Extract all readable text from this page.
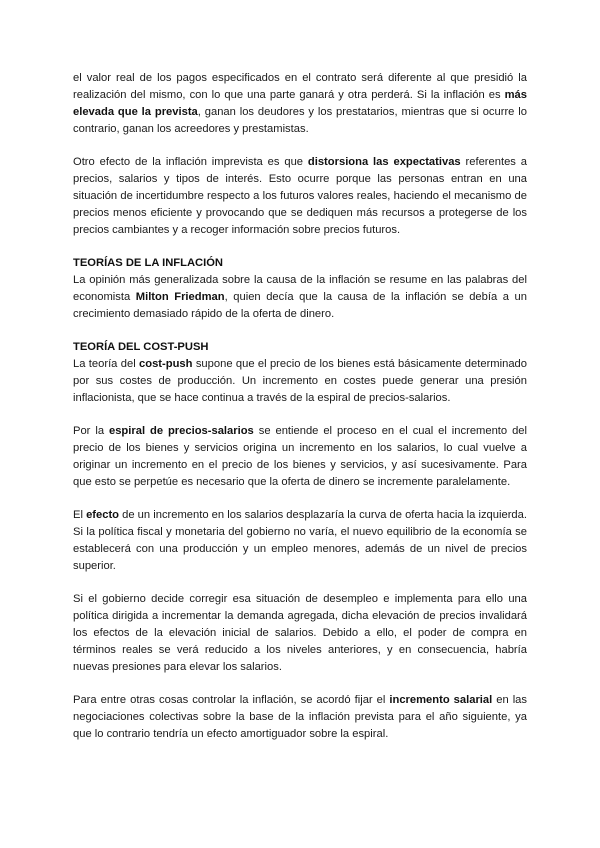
el valor real de los pagos especificados en el contrato será diferente al que presidió la realización del mismo, con lo que una parte ganará y otra perderá. Si la inflación es más elevada que la prevista, ganan los deudores y los prestatarios, mientras que si ocurre lo contrario, ganan los acreedores y prestamistas.

Otro efecto de la inflación imprevista es que distorsiona las expectativas referentes a precios, salarios y tipos de interés. Esto ocurre porque las personas entran en una situación de incertidumbre respecto a los futuros valores reales, haciendo el mecanismo de precios menos eficiente y provocando que se dediquen más recursos a protegerse de los precios cambiantes y a recoger información sobre precios futuros.

TEORÍAS DE LA INFLACIÓN

La opinión más generalizada sobre la causa de la inflación se resume en las palabras del economista Milton Friedman, quien decía que la causa de la inflación se debía a un crecimiento demasiado rápido de la oferta de dinero.

TEORÍA DEL COST-PUSH

La teoría del cost-push supone que el precio de los bienes está básicamente determinado por sus costes de producción. Un incremento en costes puede generar una presión inflacionista, que se hace continua a través de la espiral de precios-salarios.

Por la espiral de precios-salarios se entiende el proceso en el cual el incremento del precio de los bienes y servicios origina un incremento en los salarios, lo cual vuelve a originar un incremento en el precio de los bienes y servicios, y así sucesivamente. Para que esto se perpetúe es necesario que la oferta de dinero se incremente paralelamente.

El efecto de un incremento en los salarios desplazaría la curva de oferta hacia la izquierda. Si la política fiscal y monetaria del gobierno no varía, el nuevo equilibrio de la economía se establecerá con una producción y un empleo menores, además de un nivel de precios superior.

Si el gobierno decide corregir esa situación de desempleo e implementa para ello una política dirigida a incrementar la demanda agregada, dicha elevación de precios invalidará los efectos de la elevación inicial de salarios. Debido a ello, el poder de compra en términos reales se verá reducido a los niveles anteriores, y en consecuencia, habría nuevas presiones para elevar los salarios.

Para entre otras cosas controlar la inflación, se acordó fijar el incremento salarial en las negociaciones colectivas sobre la base de la inflación prevista para el año siguiente, ya que lo contrario tendría un efecto amortiguador sobre la espiral.
